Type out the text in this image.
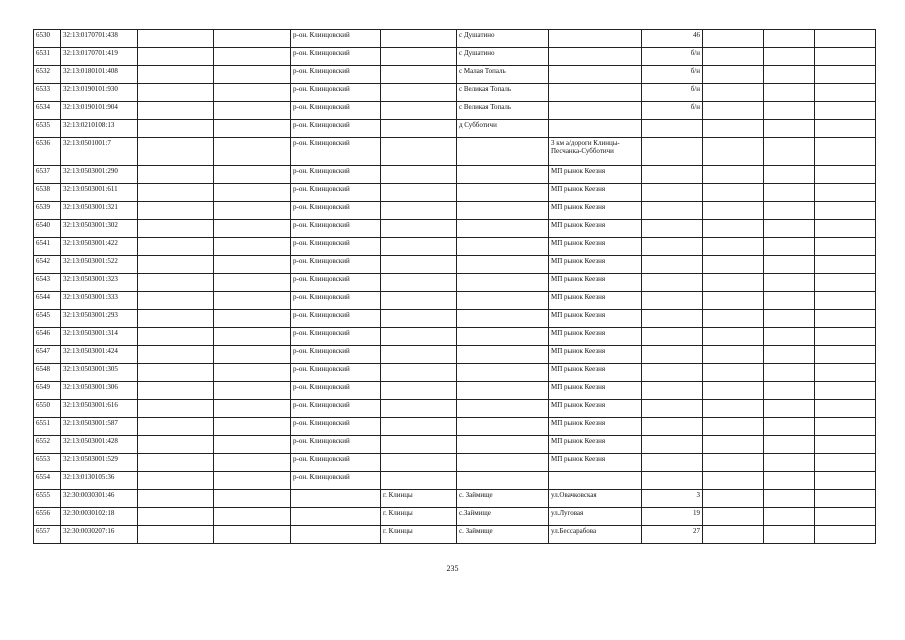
6530	32:13:0170701:438			р-он. Клинцовский		с Душатино		46			
6531	32:13:0170701:419			р-он. Клинцовский		с Душатино		б/н			
6532	32:13:0180101:408			р-он. Клинцовский		с Малая Топаль		б/н			
6533	32:13:0190101:930			р-он. Клинцовский		с Великая Топаль		б/н			
6534	32:13:0190101:904			р-он. Клинцовский		с Великая Топаль		б/н			
6535	32:13:0210108:13			р-он. Клинцовский		д Субботичи					
6536	32:13:0501001:7			р-он. Клинцовский			3 км а/дороги Клинцы-Песчанка-Субботичи				
6537	32:13:0503001:290			р-он. Клинцовский			МП рынок Кеезня				
6538	32:13:0503001:611			р-он. Клинцовский			МП рынок Кеезня				
6539	32:13:0503001:321			р-он. Клинцовский			МП рынок Кеезня				
6540	32:13:0503001:302			р-он. Клинцовский			МП рынок Кеезня				
6541	32:13:0503001:422			р-он. Клинцовский			МП рынок Кеезня				
6542	32:13:0503001:522			р-он. Клинцовский			МП рынок Кеезня				
6543	32:13:0503001:323			р-он. Клинцовский			МП рынок Кеезня				
6544	32:13:0503001:333			р-он. Клинцовский			МП рынок Кеезня				
6545	32:13:0503001:293			р-он. Клинцовский			МП рынок Кеезня				
6546	32:13:0503001:314			р-он. Клинцовский			МП рынок Кеезня				
6547	32:13:0503001:424			р-он. Клинцовский			МП рынок Кеезня				
6548	32:13:0503001:305			р-он. Клинцовский			МП рынок Кеезня				
6549	32:13:0503001:306			р-он. Клинцовский			МП рынок Кеезня				
6550	32:13:0503001:616			р-он. Клинцовский			МП рынок Кеезня				
6551	32:13:0503001:587			р-он. Клинцовский			МП рынок Кеезня				
6552	32:13:0503001:428			р-он. Клинцовский			МП рынок Кеезня				
6553	32:13:0503001:529			р-он. Клинцовский			МП рынок Кеезня				
6554	32:13:0130105:36			р-он. Клинцовский							
6555	32:30:0030301:46				г. Клинцы	с. Займище	ул.Овачковская	3			
6556	32:30:0030102:18				г. Клинцы	с.Займище	ул.Луговая	19			
6557	32:30:0030207:16				г. Клинцы	с. Займище	ул.Бессарабова	27			
235
